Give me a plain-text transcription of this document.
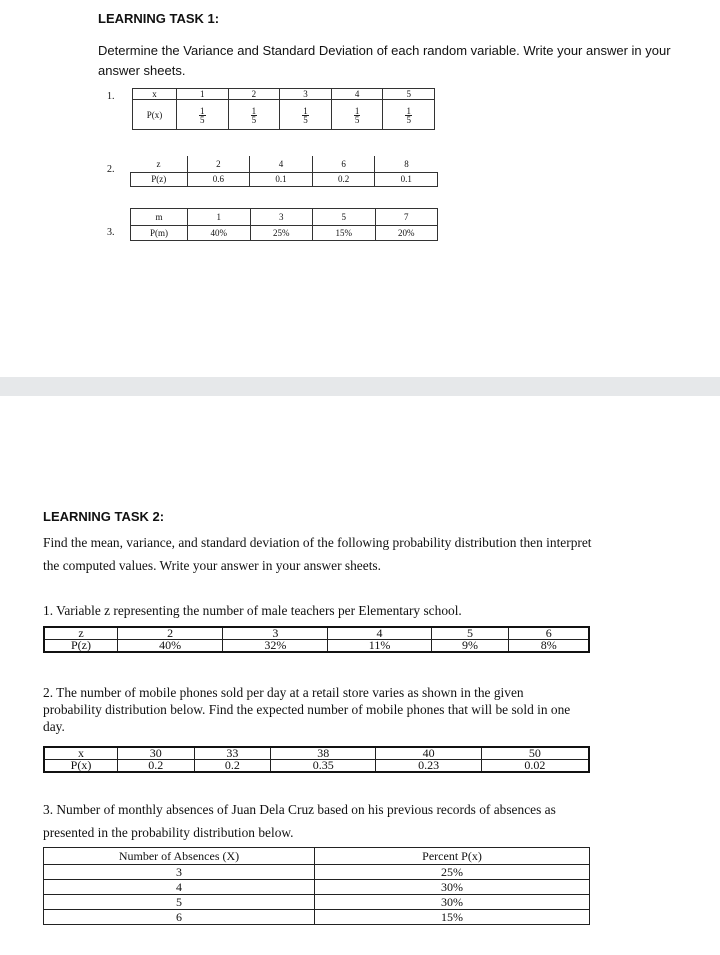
LEARNING TASK 1:
Determine the Variance and Standard Deviation of each random variable. Write your answer in your answer sheets.
1.	x	1	2	3	4	5
P(x)	$\frac{1}{5}$	$\frac{1}{5}$	$\frac{1}{5}$	$\frac{1}{5}$	$\frac{1}{5}$
2.
z	2	4	6	8
P(z)	0.6	0.1	0.2	0.1
3.
m	1	3	5	7
P(m)	40%	25%	15%	20%
LEARNING TASK 2:
Find the mean, variance, and standard deviation of the following probability distribution then interpret the computed values. Write your answer in your answer sheets.
1. Variable z representing the number of male teachers per Elementary school.
z	2	3	4	5	6
P(z)	40%	32%	11%	9%	8%
2. The number of mobile phones sold per day at a retail store varies as shown in the given probability distribution below. Find the expected number of mobile phones that will be sold in one day.
x	30	33	38	40	50
P(x)	0.2	0.2	0.35	0.23	0.02
3. Number of monthly absences of Juan Dela Cruz based on his previous records of absences as presented in the probability distribution below.
Number of Absences (X)	Percent P(x)
3	25%
4	30%
5	30%
6	15%
